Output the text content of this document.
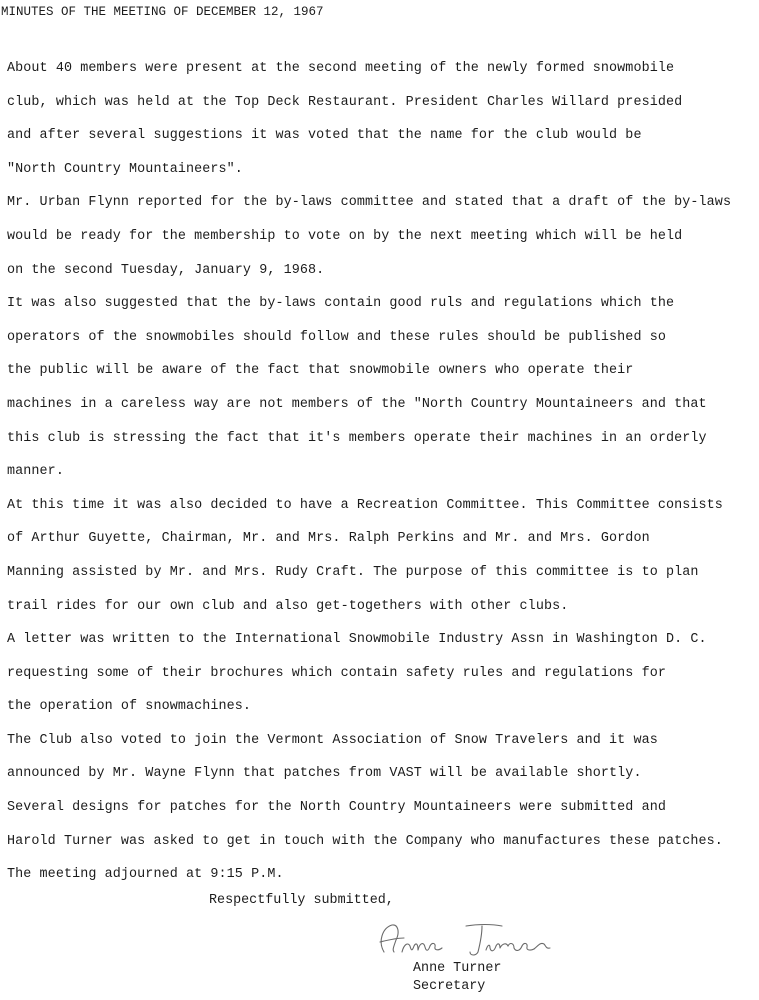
MINUTES OF THE MEETING OF DECEMBER 12, 1967
About 40 members were present at the second meeting of the newly formed snowmobile
club, which was held at the Top Deck Restaurant. President Charles Willard presided
and after several suggestions it was voted that the name for the club would be
"North Country Mountaineers".
Mr. Urban Flynn reported for the by-laws committee and stated that a draft of the by-laws
would be ready for the membership to vote on by the next meeting which will be held
on the second Tuesday, January 9, 1968.
It was also suggested that the by-laws contain good ruls and regulations which the
operators of the snowmobiles should follow and these rules should be published so
the public will be aware of the fact that snowmobile owners who operate their
machines in a careless way are not members of the "North Country Mountaineers and that
this club is stressing the fact that it's members operate their machines in an orderly
manner.
At this time it was also decided to have a Recreation Committee. This Committee consists
of Arthur Guyette, Chairman, Mr. and Mrs. Ralph Perkins and Mr. and Mrs. Gordon
Manning assisted by Mr. and Mrs. Rudy Craft. The purpose of this committee is to plan
trail rides for our own club and also get-togethers with other clubs.
A letter was written to the International Snowmobile Industry Assn in Washington D. C.
requesting some of their brochures which contain safety rules and regulations for
the operation of snowmachines.
The Club also voted to join the Vermont Association of Snow Travelers and it was
announced by Mr. Wayne Flynn that patches from VAST will be available shortly.
Several designs for patches for the North Country Mountaineers were submitted and
Harold Turner was asked to get in touch with the Company who manufactures these patches.
The meeting adjourned at 9:15 P.M.
Respectfully submitted,
Anne Turner
Secretary
